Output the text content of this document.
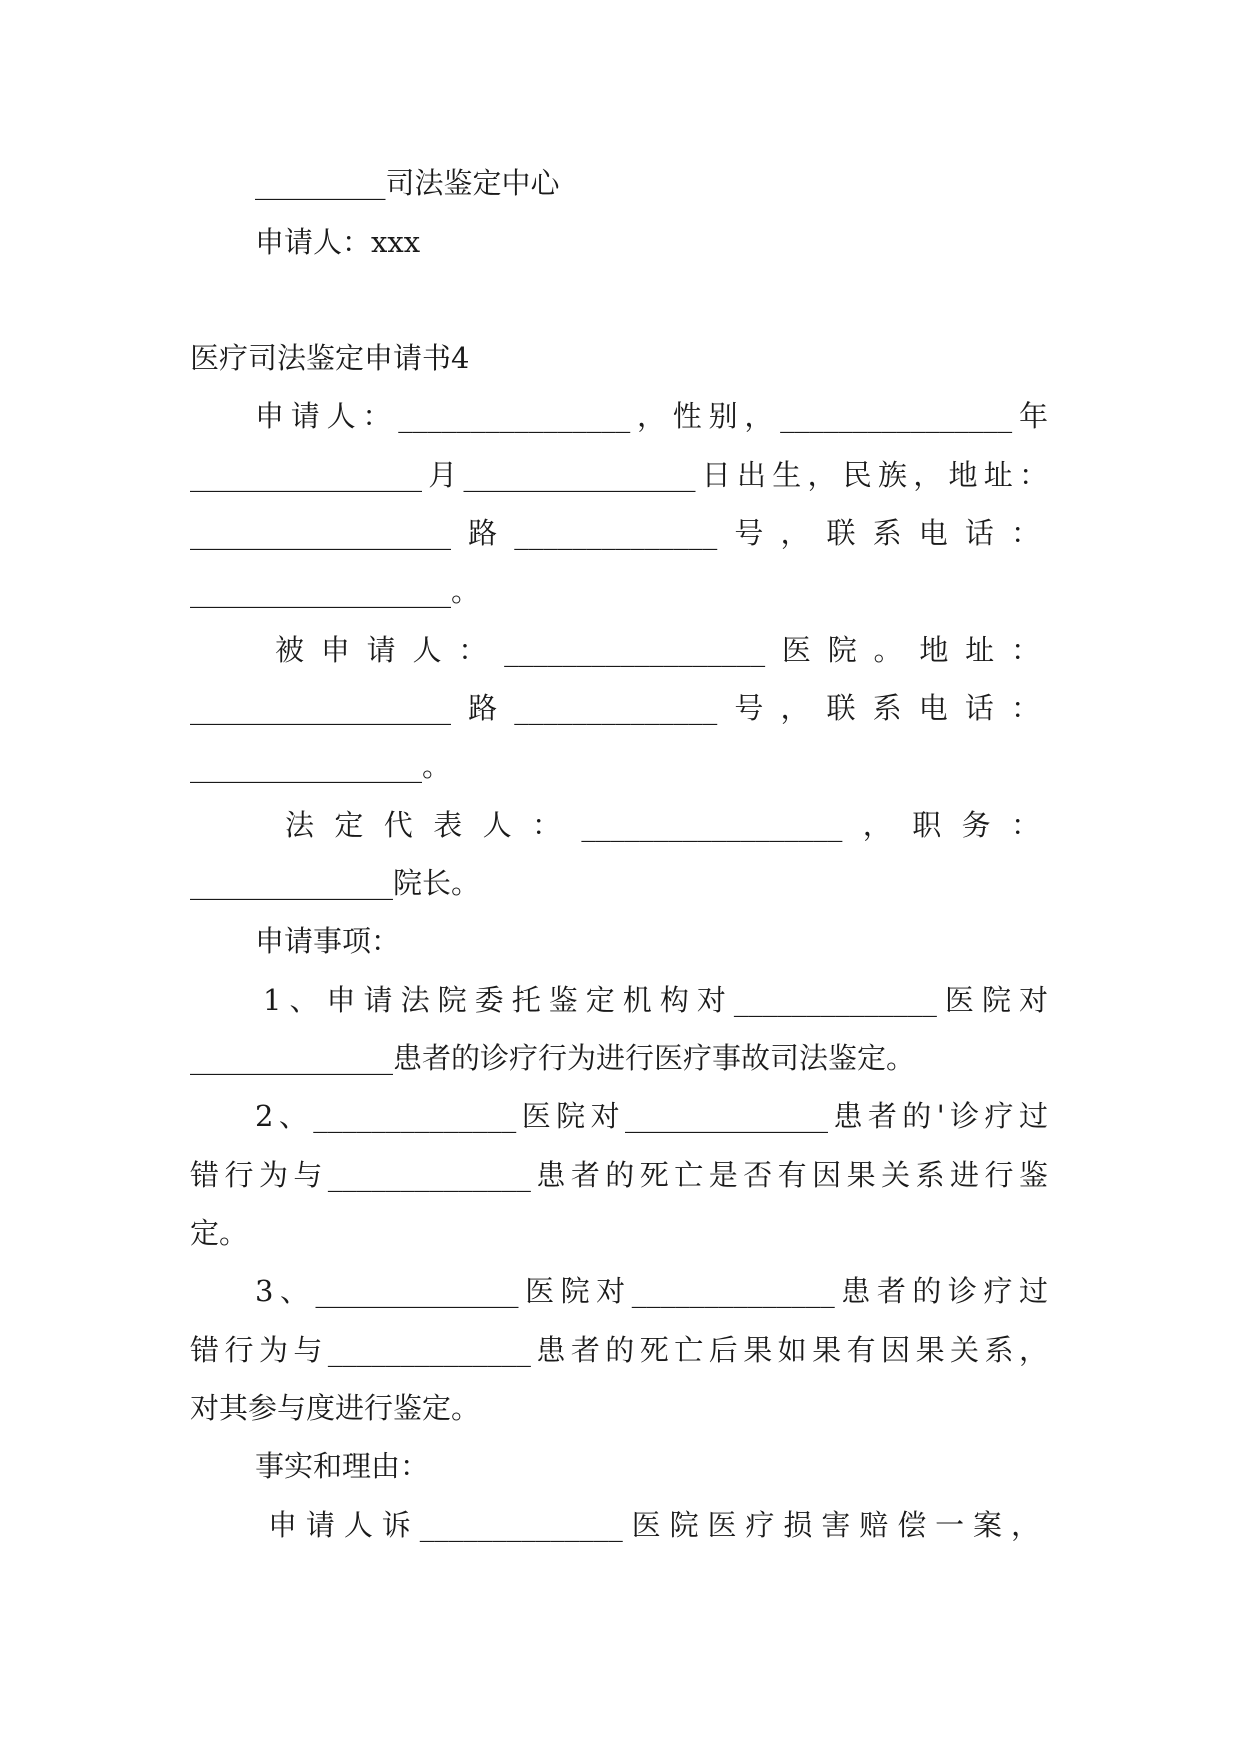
_________司法鉴定中心

申请人：xxx

医疗司法鉴定申请书4

申请人：________________，性别，________________年

________________月________________日出生，民族，地址：

__________________路______________号，联系电话：

__________________。

被申请人：__________________医院。地址：

__________________路______________号，联系电话：

________________。

法定代表人：__________________，职务：

______________院长。

申请事项：

1、申请法院委托鉴定机构对______________医院对

______________患者的诊疗行为进行医疗事故司法鉴定。

2、______________医院对______________患者的'诊疗过

错行为与______________患者的死亡是否有因果关系进行鉴

定。

3、______________医院对______________患者的诊疗过

错行为与______________患者的死亡后果如果有因果关系，

对其参与度进行鉴定。

事实和理由：

申请人诉______________医院医疗损害赔偿一案，
